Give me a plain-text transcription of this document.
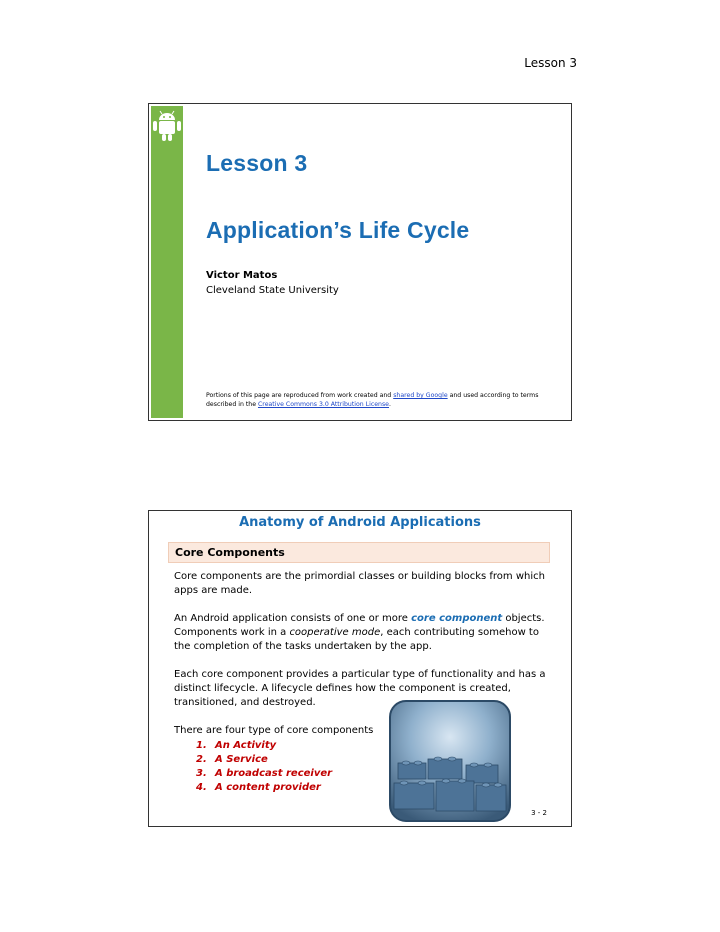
Lesson 3
Lesson 3
Application’s Life Cycle
Victor Matos
Cleveland State University
Portions of this page are reproduced from work created and shared by Google and used according to terms
described in the Creative Commons 3.0 Attribution License.
Anatomy of Android Applications
Core Components

Core components are the primordial classes or building blocks from which apps are made.

An Android application consists of one or more core component objects. Components work in a cooperative mode, each contributing somehow to the completion of the tasks undertaken by the app.

Each core component provides a particular type of functionality and has a distinct lifecycle. A lifecycle defines how the component is created, transitioned, and destroyed.

There are four type of core components

1. An Activity
2. A Service
3. A broadcast receiver
4. A content provider
3 - 2
